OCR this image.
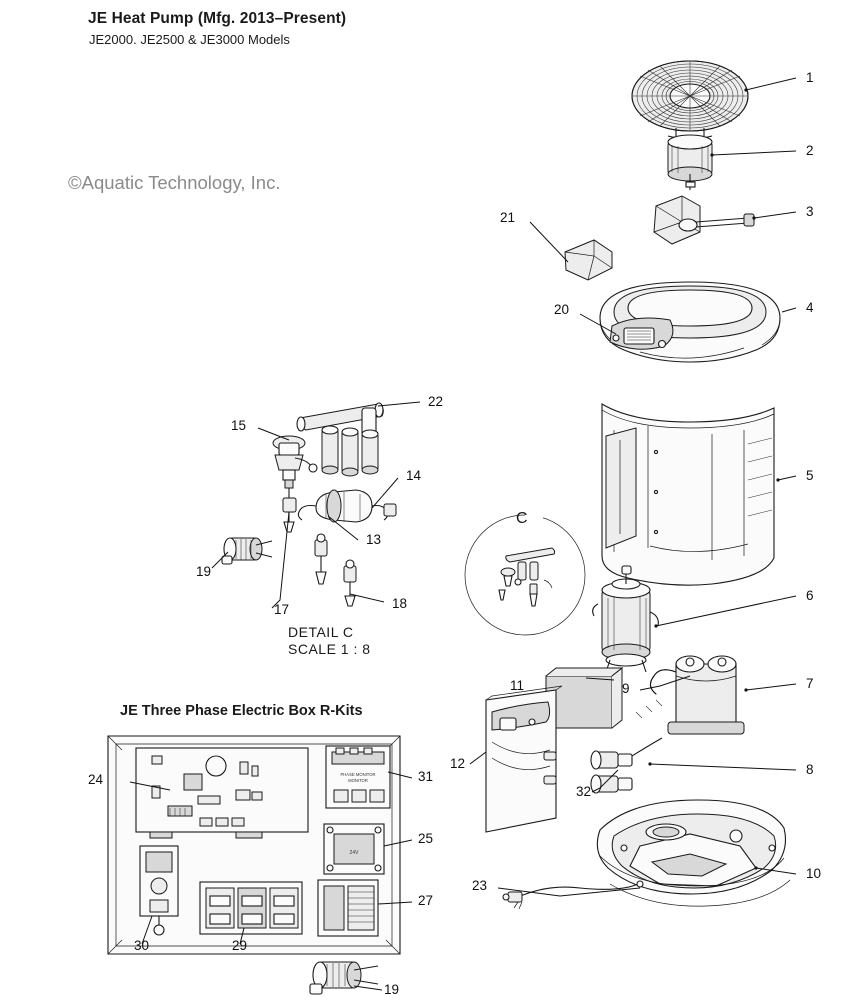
JE Heat Pump (Mfg. 2013–Present)
JE2000. JE2500 & JE3000 Models
©Aquatic Technology, Inc.
PHASE MONITOR
MONITOR
24V
1
2
3
4
5
6
7
8
9
10
11
12
13
14
15
17	18
19
19
20
21
22
23
24
25
27
29
30
31
32
C
DETAIL C
SCALE 1 : 8
JE Three Phase Electric Box R-Kits
